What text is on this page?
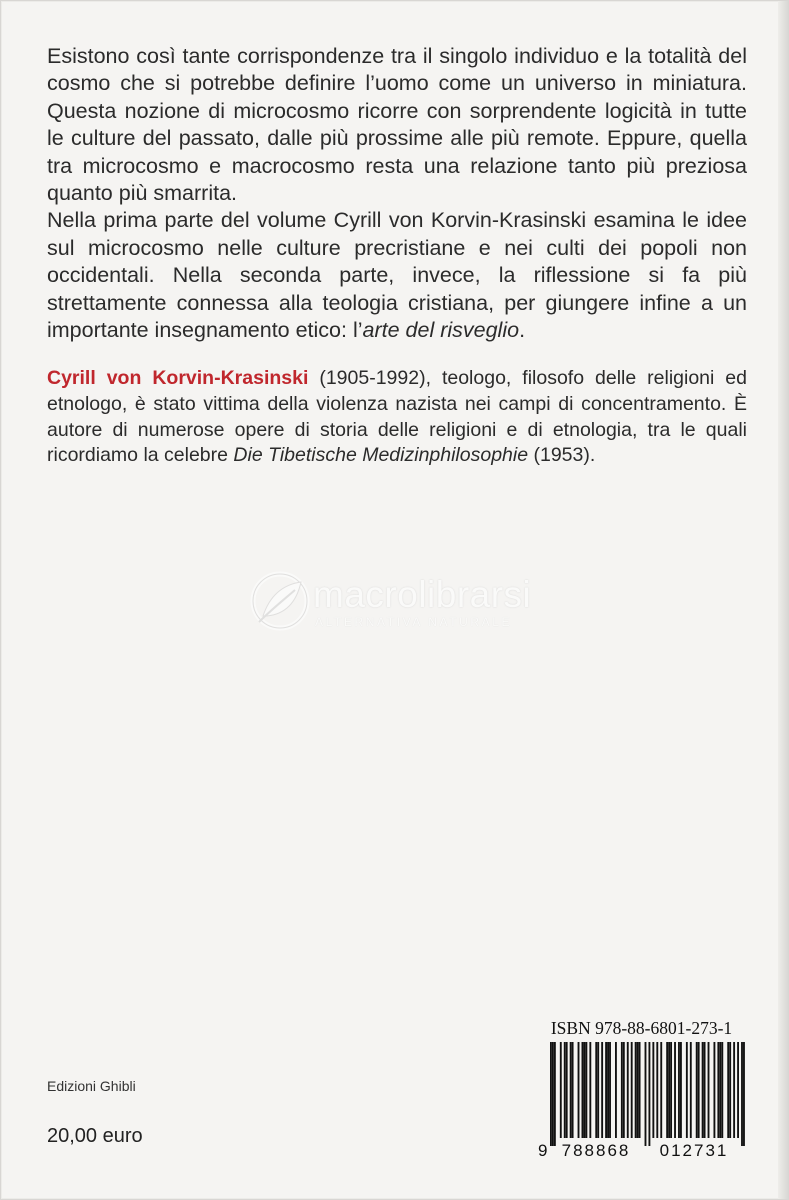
Esistono così tante corrispondenze tra il singolo individuo e la totalità del cosmo che si potrebbe definire l’uomo come un universo in miniatura. Questa nozione di microcosmo ricorre con sorprendente logicità in tutte le culture del passato, dalle più prossime alle più remote. Eppure, quella tra microcosmo e macrocosmo resta una relazione tanto più preziosa quanto più smarrita.

Nella prima parte del volume Cyrill von Korvin-Krasinski esamina le idee sul microcosmo nelle culture precristiane e nei culti dei popoli non occidentali. Nella seconda parte, invece, la riflessione si fa più strettamente connessa alla teologia cristiana, per giungere infine a un importante insegnamento etico: l’arte del risveglio.

Cyrill von Korvin-Krasinski (1905-1992), teologo, filosofo delle religioni ed etnologo, è stato vittima della violenza nazista nei campi di concentramento. È autore di numerose opere di storia delle religioni e di etnologia, tra le quali ricordiamo la celebre Die Tibetische Medizinphilosophie (1953).

macrolibrarsi
ALTERNATIVA NATURALE
Edizioni Ghibli
20,00 euro
ISBN 978-88-6801-273-1
9 788868 012731
